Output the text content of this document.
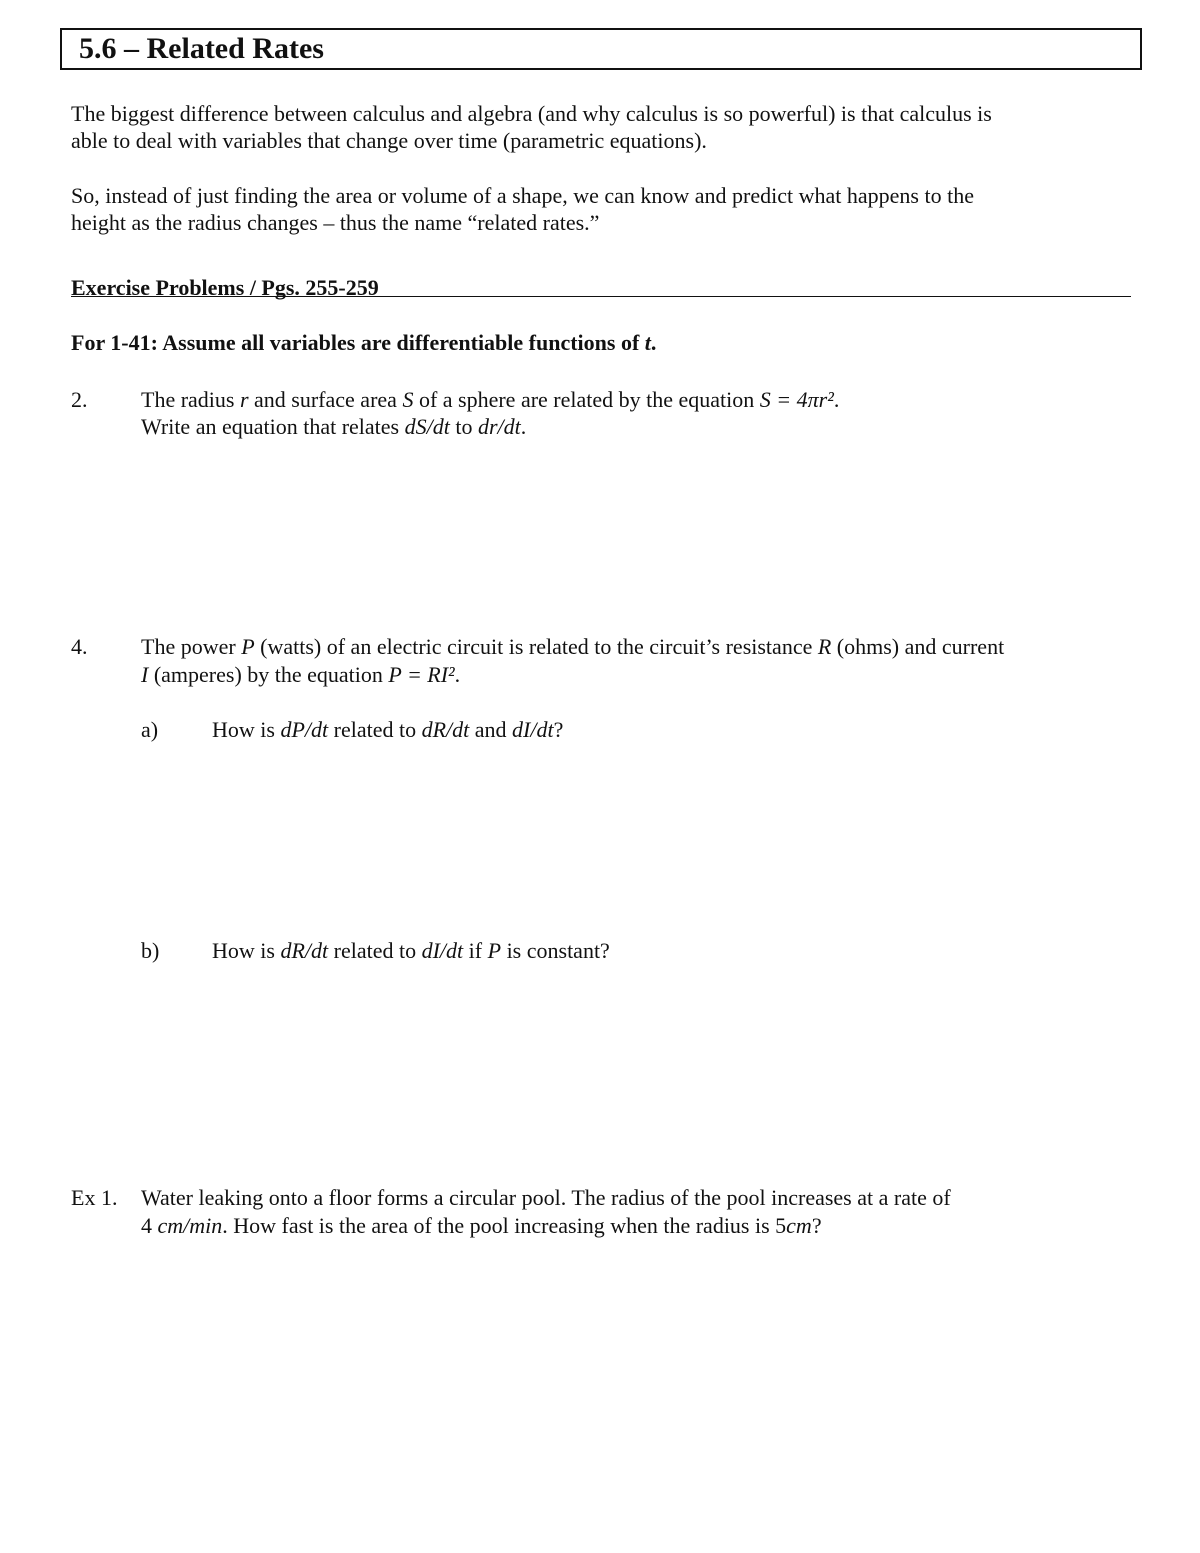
5.6 – Related Rates
The biggest difference between calculus and algebra (and why calculus is so powerful) is that calculus is
able to deal with variables that change over time (parametric equations).
So, instead of just finding the area or volume of a shape, we can know and predict what happens to the
height as the radius changes – thus the name “related rates.”
Exercise Problems / Pgs. 255-259
For 1-41: Assume all variables are differentiable functions of t.
2. The radius r and surface area S of a sphere are related by the equation S = 4πr².
Write an equation that relates dS/dt to dr/dt.
4. The power P (watts) of an electric circuit is related to the circuit’s resistance R (ohms) and current
I (amperes) by the equation P = RI².
a) How is dP/dt related to dR/dt and dI/dt?
b) How is dR/dt related to dI/dt if P is constant?
Ex 1. Water leaking onto a floor forms a circular pool. The radius of the pool increases at a rate of
4 cm/min. How fast is the area of the pool increasing when the radius is 5cm?
